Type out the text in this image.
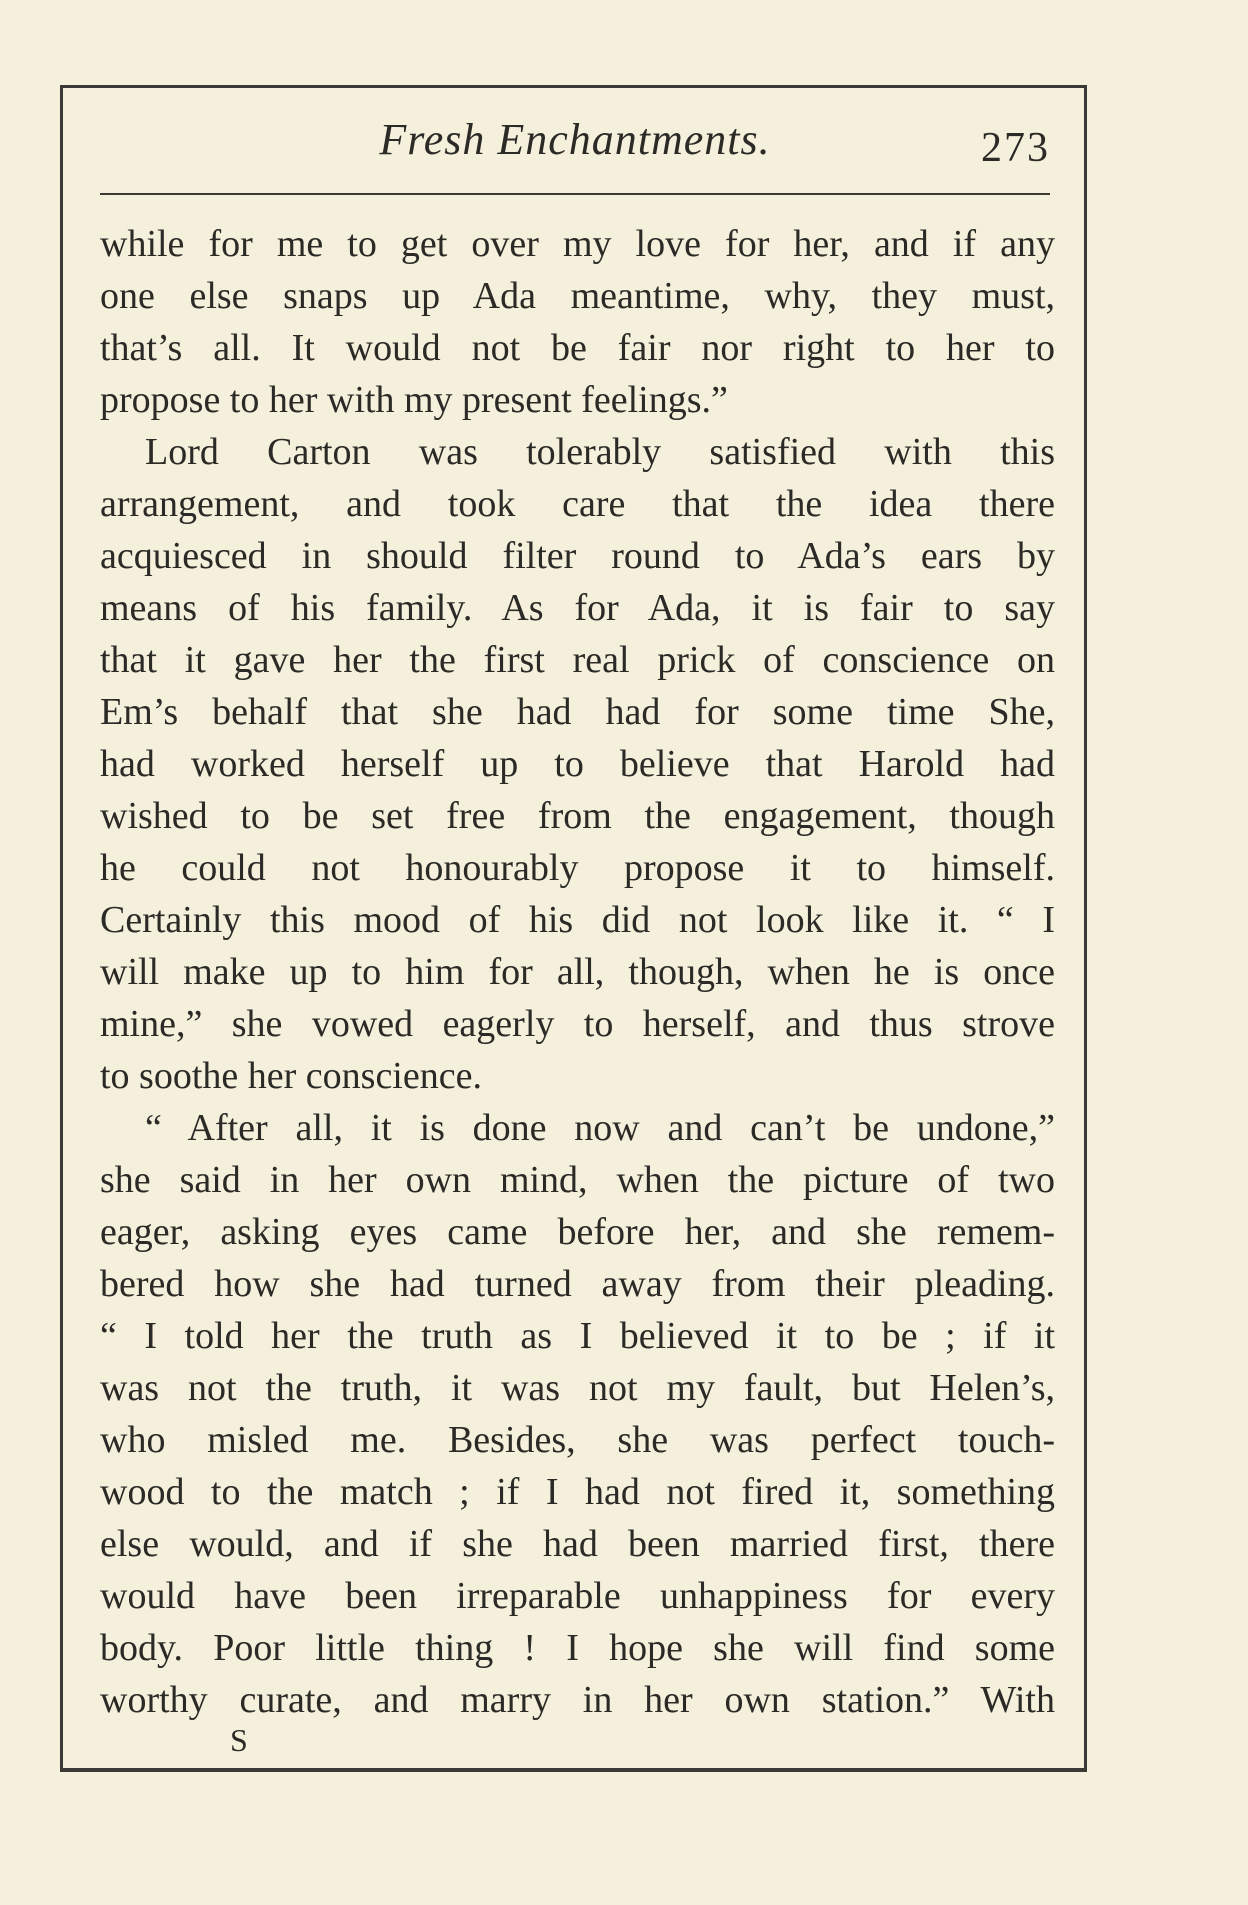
Fresh Enchantments.	273
while for me to get over my love for her, and if any
one else snaps up Ada meantime, why, they must,
that’s all. It would not be fair nor right to her to
propose to her with my present feelings.”
Lord Carton was tolerably satisfied with this
arrangement, and took care that the idea there
acquiesced in should filter round to Ada’s ears by
means of his family. As for Ada, it is fair to say
that it gave her the first real prick of conscience on
Em’s behalf that she had had for some time She,
had worked herself up to believe that Harold had
wished to be set free from the engagement, though
he could not honourably propose it to himself.
Certainly this mood of his did not look like it. “ I
will make up to him for all, though, when he is once
mine,” she vowed eagerly to herself, and thus strove
to soothe her conscience.
“ After all, it is done now and can’t be undone,”
she said in her own mind, when the picture of two
eager, asking eyes came before her, and she remem-
bered how she had turned away from their pleading.
“ I told her the truth as I believed it to be ; if it
was not the truth, it was not my fault, but Helen’s,
who misled me. Besides, she was perfect touch-
wood to the match ; if I had not fired it, something
else would, and if she had been married first, there
would have been irreparable unhappiness for every
body. Poor little thing ! I hope she will find some
worthy curate, and marry in her own station.” With
S
